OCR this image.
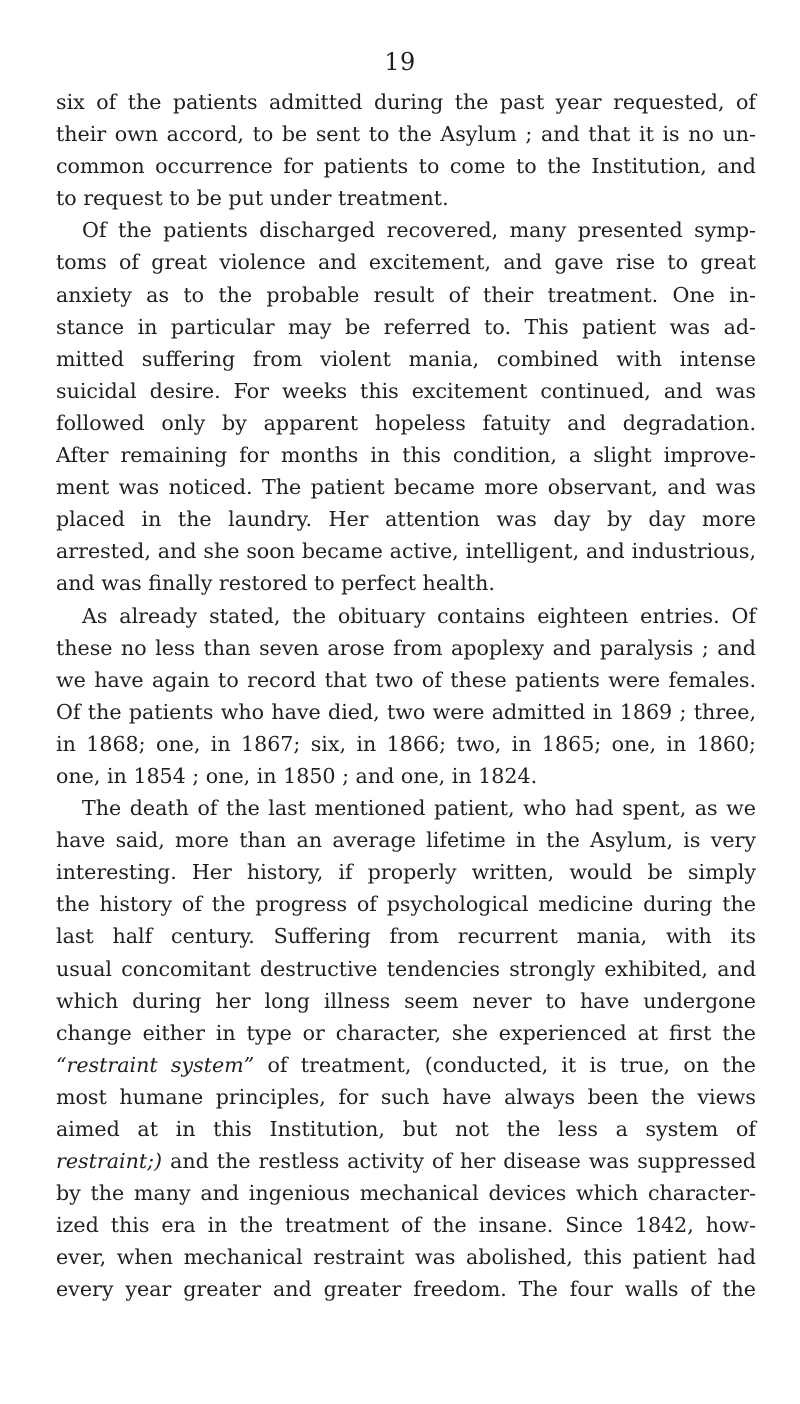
19
six of the patients admitted during the past year requested, of
their own accord, to be sent to the Asylum ; and that it is no un-
common occurrence for patients to come to the Institution, and
to request to be put under treatment.
Of the patients discharged recovered, many presented symp-
toms of great violence and excitement, and gave rise to great
anxiety as to the probable result of their treatment. One in-
stance in particular may be referred to. This patient was ad-
mitted suffering from violent mania, combined with intense
suicidal desire. For weeks this excitement continued, and was
followed only by apparent hopeless fatuity and degradation.
After remaining for months in this condition, a slight improve-
ment was noticed. The patient became more observant, and was
placed in the laundry. Her attention was day by day more
arrested, and she soon became active, intelligent, and industrious,
and was finally restored to perfect health.
As already stated, the obituary contains eighteen entries. Of
these no less than seven arose from apoplexy and paralysis ; and
we have again to record that two of these patients were females.
Of the patients who have died, two were admitted in 1869 ; three,
in 1868; one, in 1867; six, in 1866; two, in 1865; one, in 1860;
one, in 1854 ; one, in 1850 ; and one, in 1824.
The death of the last mentioned patient, who had spent, as we
have said, more than an average lifetime in the Asylum, is very
interesting. Her history, if properly written, would be simply
the history of the progress of psychological medicine during the
last half century. Suffering from recurrent mania, with its
usual concomitant destructive tendencies strongly exhibited, and
which during her long illness seem never to have undergone
change either in type or character, she experienced at first the
“restraint system” of treatment, (conducted, it is true, on the
most humane principles, for such have always been the views
aimed at in this Institution, but not the less a system of
restraint;) and the restless activity of her disease was suppressed
by the many and ingenious mechanical devices which character-
ized this era in the treatment of the insane. Since 1842, how-
ever, when mechanical restraint was abolished, this patient had
every year greater and greater freedom. The four walls of the
